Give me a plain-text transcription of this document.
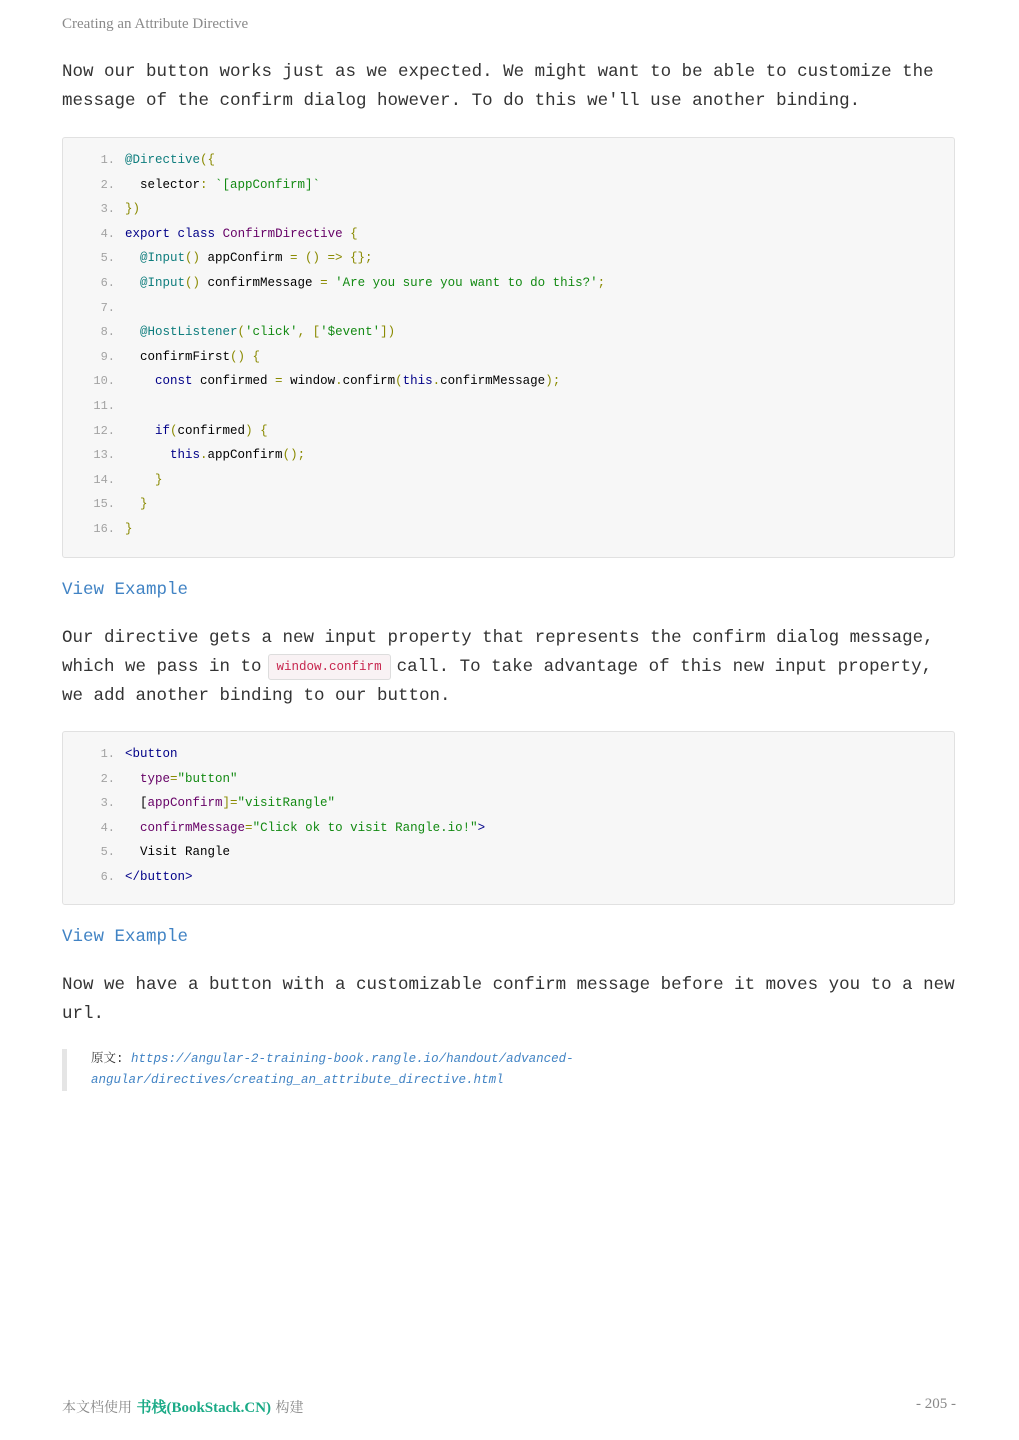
Creating an Attribute Directive

Now our button works just as we expected. We might want to be able to customize the
message of the confirm dialog however. To do this we'll use another binding.

1. @Directive({
2.  selector: `[appConfirm]`
3. })
4. export class ConfirmDirective {
5.  @Input() appConfirm = () => {};
6.  @Input() confirmMessage = 'Are you sure you want to do this?';
7.
8.  @HostListener('click', ['$event'])
9.  confirmFirst() {
10.	const confirmed = window.confirm(this.confirmMessage);
11.
12.	if(confirmed) {
13.	this.appConfirm();
14.    }
15.  }
16. }
View Example

Our directive gets a new input property that represents the confirm dialog message,
which we pass in to window.confirm call. To take advantage of this new input property,
we add another binding to our button.

1. <button
2. type="button"
3.  [appConfirm]="visitRangle"
4. confirmMessage="Click ok to visit Rangle.io!">
5.  Visit Rangle
6. </button>
View Example

Now we have a button with a customizable confirm message before it moves you to a new
url.

原文: https://angular-2-training-book.rangle.io/handout/advanced-
angular/directives/creating_an_attribute_directive.html
本文档使用 书栈(BookStack.CN) 构建	- 205 -
